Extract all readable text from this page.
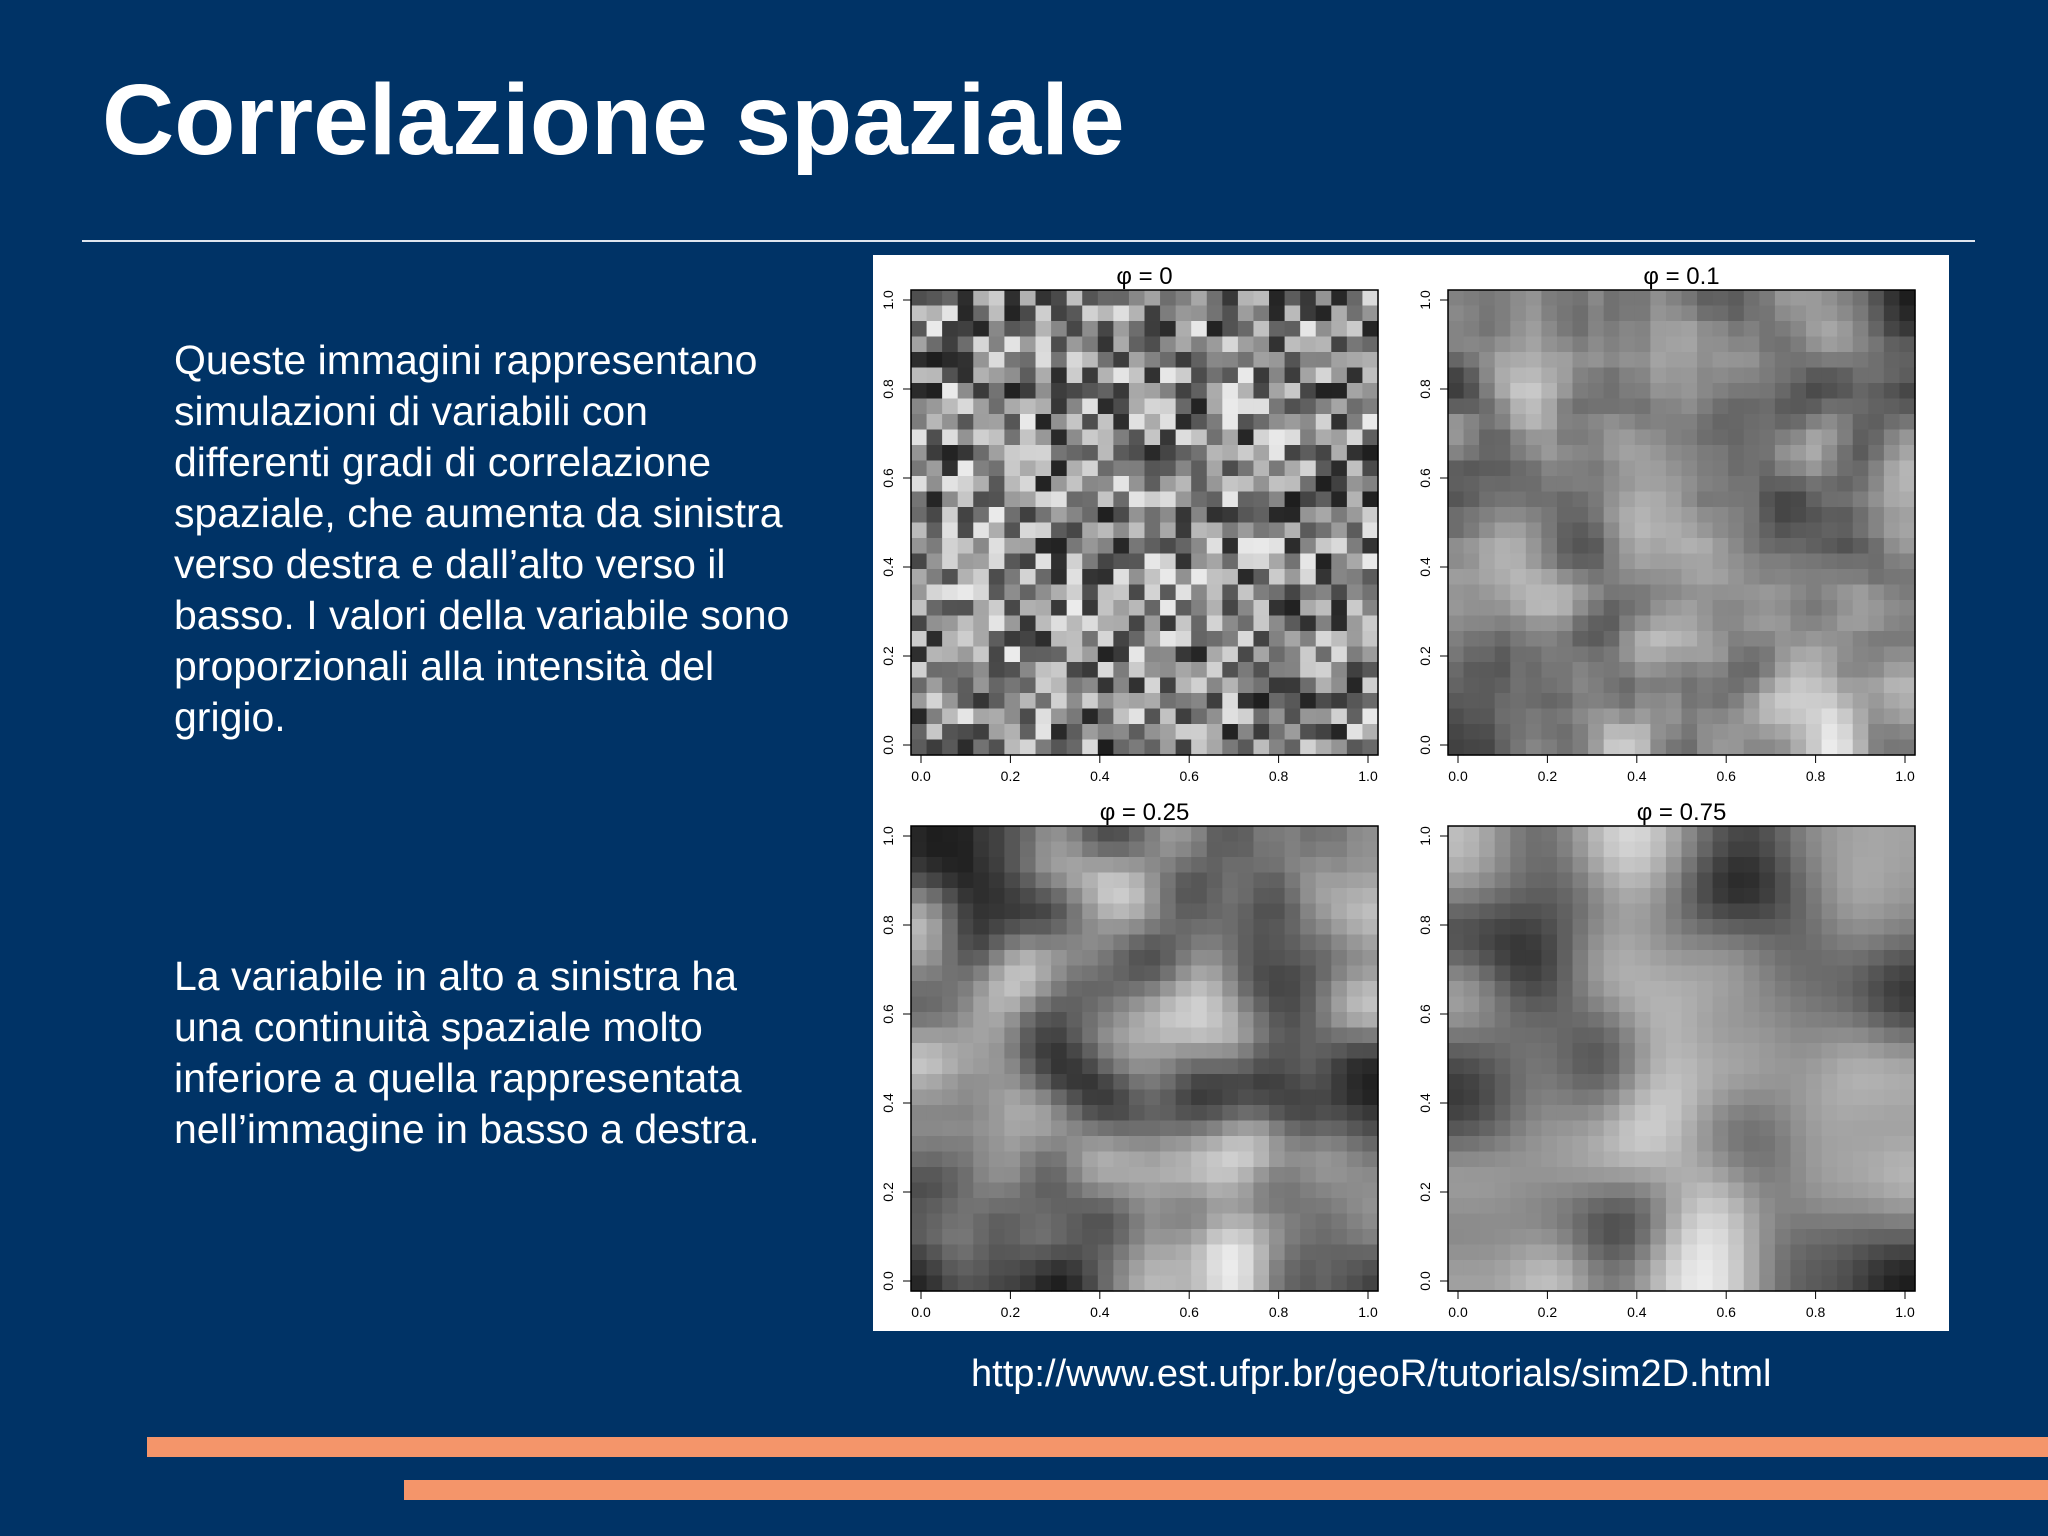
Correlazione spaziale

Queste immagini rappresentano simulazioni di variabili con differenti gradi di correlazione spaziale, che aumenta da sinistra verso destra e dall’alto verso il basso. I valori della variabile sono proporzionali alla intensità del grigio.

La variabile in alto a sinistra ha una continuità spaziale molto inferiore a quella rappresentata nell’immagine in basso a destra.

φ = 0
0.0	0.2	0.4	0.6	0.8	1.0
0.0
0.2
0.4
0.6
0.8
1.0
φ = 0.1
0.0	0.2	0.4	0.6	0.8	1.0
0.0
0.2
0.4
0.6
0.8
1.0
φ = 0.25
0.0	0.2	0.4	0.6	0.8	1.0
0.0
0.2
0.4
0.6
0.8
1.0
φ = 0.75
0.0	0.2	0.4	0.6	0.8	1.0
0.0
0.2
0.4
0.6
0.8
1.0
http://www.est.ufpr.br/geoR/tutorials/sim2D.html
